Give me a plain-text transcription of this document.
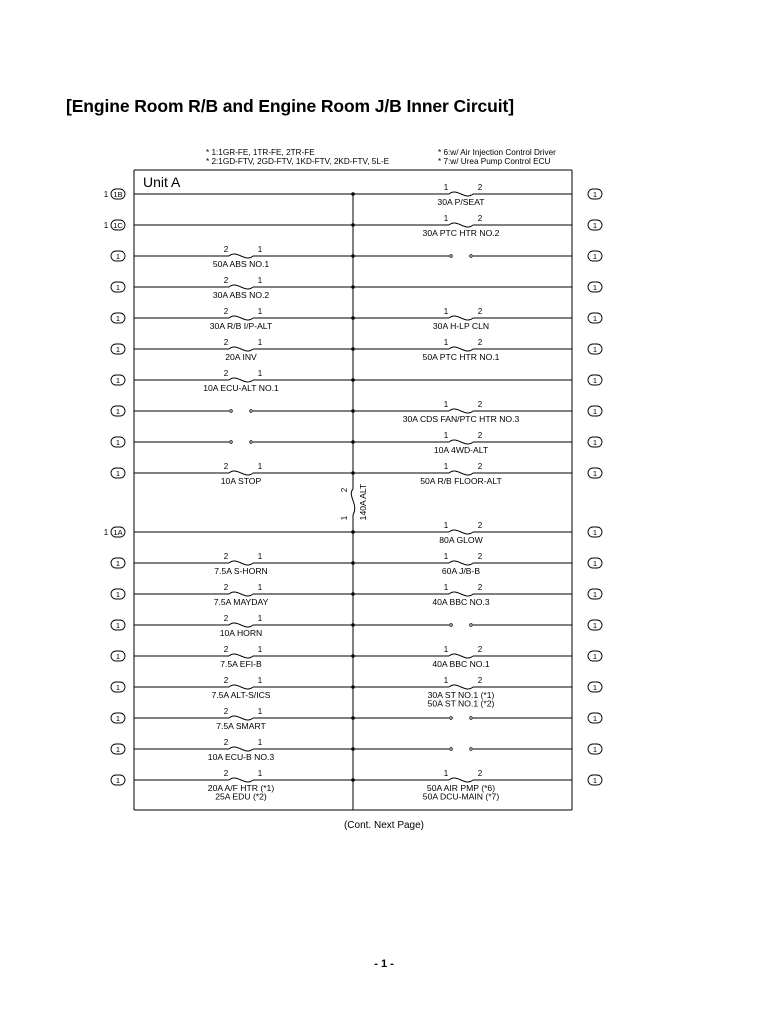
[Engine Room R/B and Engine Room J/B Inner Circuit]
* 1:1GR-FE, 1TR-FE, 2TR-FE
* 2:1GD-FTV, 2GD-FTV, 1KD-FTV, 2KD-FTV, 5L-E
* 6:w/ Air Injection Control Driver
* 7:w/ Urea Pump Control ECU
Unit A
2
1 140A ALT
1B
1	1
1	2
30A P/SEAT
1C
1	1
1	2
30A PTC HTR NO.2
1	1
2	1
50A ABS NO.1
1	1
2	1
30A ABS NO.2
1	1
2	1
30A R/B I/P-ALT
1	2
30A H-LP CLN
1	1
2	1
20A INV
1	2
50A PTC HTR NO.1
1	1
2	1
10A ECU-ALT NO.1
1	1
1	2
30A CDS FAN/PTC HTR NO.3
1	1
1	2
10A 4WD-ALT
1	1
2	1
10A STOP
1	2
50A R/B FLOOR-ALT
1A
1	1
1	2
80A GLOW
1	1
2	1
7.5A S-HORN
1	2
60A J/B-B
1	1
2	1
7.5A MAYDAY
1	2
40A BBC NO.3
1	1
2	1
10A HORN
1	1
2	1
7.5A EFI-B
1	2
40A BBC NO.1
1	1
2	1
7.5A ALT-S/ICS
1	2
30A ST NO.1 (*1)
50A ST NO.1 (*2)
1	1
2	1
7.5A SMART
1	1
2	1
10A ECU-B NO.3
1	1
2	1
20A A/F HTR (*1)
25A EDU (*2)
1	2
50A AIR PMP (*6)
50A DCU-MAIN (*7)
(Cont. Next Page)
- 1 -
